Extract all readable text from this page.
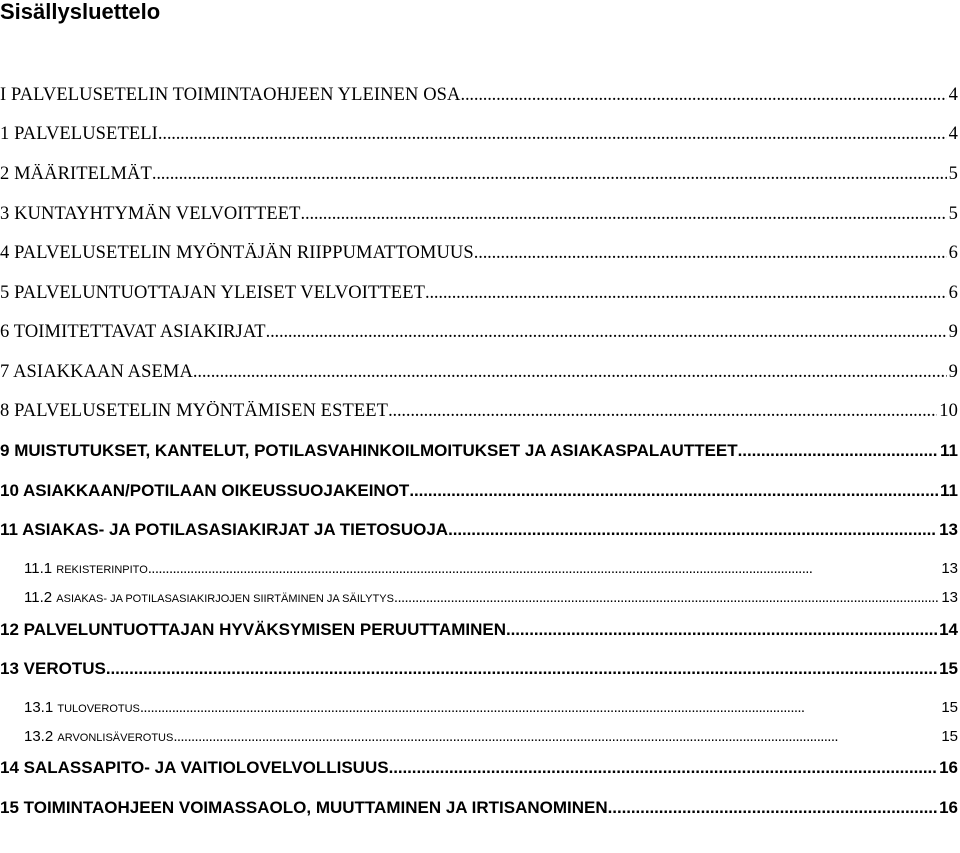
Sisällysluettelo
I PALVELUSETELIN TOIMINTAOHJEEN YLEINEN OSA . . .	4
1 PALVELUSETELI . . .	4
2 MÄÄRITELMÄT . . .	5
3 KUNTAYHTYMÄN VELVOITTEET . . .	5
4 PALVELUSETELIN MYÖNTÄJÄN RIIPPUMATTOMUUS . . .	6
5 PALVELUNTUOTTAJAN YLEISET VELVOITTEET . . .	6
6 TOIMITETTAVAT ASIAKIRJAT . . .	9
7 ASIAKKAAN ASEMA . . .	9
8 PALVELUSETELIN MYÖNTÄMISEN ESTEET . . .	10
9 MUISTUTUKSET, KANTELUT, POTILASVAHINKOILMOITUKSET JA ASIAKASPALAUTTEET . . .	11
10 ASIAKKAAN/POTILAAN OIKEUSSUOJAKEINOT . . .	11
11 ASIAKAS- JA POTILASASIAKIRJAT JA TIETOSUOJA . . .	13
11.1 REKISTERINPITO . . .	13
11.2 ASIAKAS- JA POTILASASIAKIRJOJEN SIIRTÄMINEN JA SÄILYTYS . . .	13
12 PALVELUNTUOTTAJAN HYVÄKSYMISEN PERUUTTAMINEN . . .	14
13 VEROTUS . . .	15
13.1 TULOVEROTUS . . .	15
13.2 ARVONLISÄVEROTUS . . .	15
14 SALASSAPITO- JA VAITIOLOVELVOLLISUUS . . .	16
15 TOIMINTAOHJEEN VOIMASSAOLO, MUUTTAMINEN JA IRTISANOMINEN . . .	16
